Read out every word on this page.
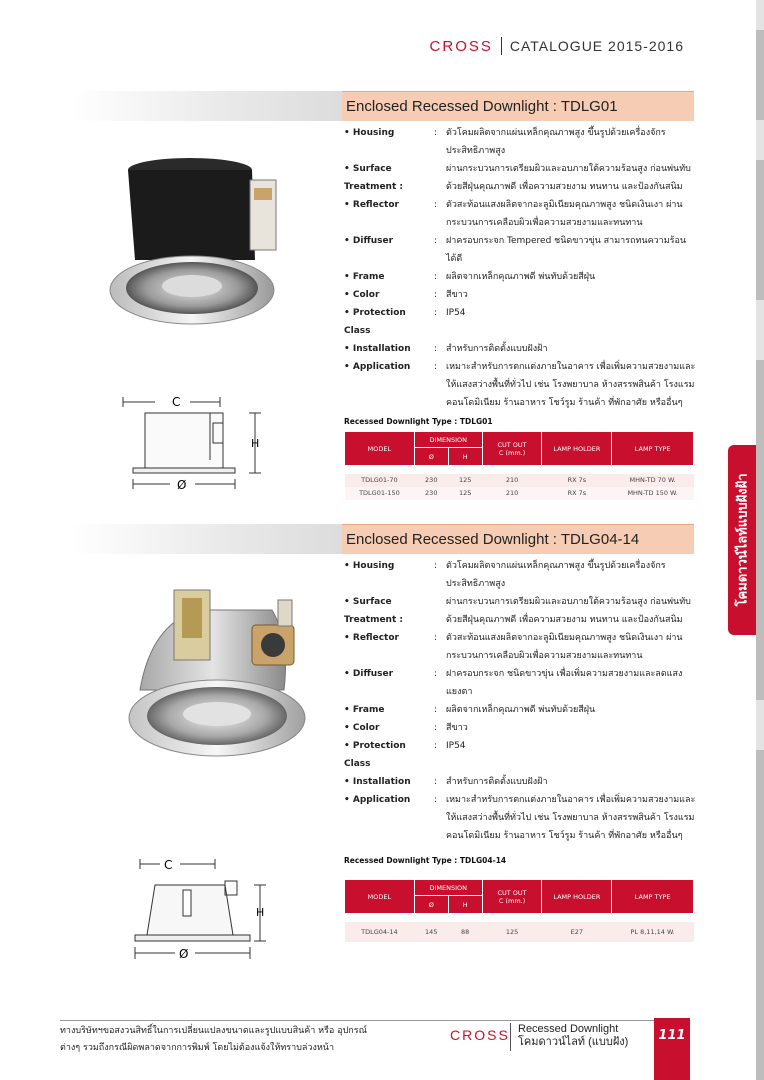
CROSS CATALOGUE 2015-2016
โคมดาวน์ไลท์แบบฝังฝ้า
Enclosed Recessed Downlight : TDLG01
C
H
Ø
• Housing	: ตัวโคมผลิตจากแผ่นเหล็กคุณภาพสูง ขึ้นรูปด้วยเครื่องจักรประสิทธิภาพสูง
• Surface Treatment :
ผ่านกระบวนการเตรียมผิวและอบภายใต้ความร้อนสูง ก่อนพ่นทับด้วยสีฝุ่นคุณภาพดี เพื่อความสวยงาม ทนทาน และป้องกันสนิม
• Reflector	: ตัวสะท้อนแสงผลิตจากอะลูมิเนียมคุณภาพสูง ชนิดเงินเงา ผ่านกระบวนการเคลือบผิวเพื่อความสวยงามและทนทาน
• Diffuser	: ฝาครอบกระจก Tempered ชนิดขาวขุ่น สามารถทนความร้อนได้ดี
• Frame	: ผลิตจากเหล็กคุณภาพดี พ่นทับด้วยสีฝุ่น
• Color	: สีขาว
• Protection Class
: IP54
• Installation	: สำหรับการติดตั้งแบบฝังฝ้า
• Application	: เหมาะสำหรับการตกแต่งภายในอาคาร เพื่อเพิ่มความสวยงามและให้แสงสว่างพื้นที่ทั่วไป เช่น โรงพยาบาล ห้างสรรพสินค้า โรงแรม คอนโดมิเนียม ร้านอาหาร โชว์รูม ร้านค้า ที่พักอาศัย หรืออื่นๆ
Recessed Downlight Type : TDLG01
MODEL	DIMENSION		CUT OUT
C (mm.)	LAMP HOLDER	LAMP TYPE
	Ø	H			

TDLG01-70	230	125	210	RX 7s	MHN-TD 70 W.
TDLG01-150	230	125	210	RX 7s	MHN-TD 150 W.
Enclosed Recessed Downlight : TDLG04-14
C
H
Ø
• Housing	: ตัวโคมผลิตจากแผ่นเหล็กคุณภาพสูง ขึ้นรูปด้วยเครื่องจักรประสิทธิภาพสูง
• Surface Treatment :
ผ่านกระบวนการเตรียมผิวและอบภายใต้ความร้อนสูง ก่อนพ่นทับด้วยสีฝุ่นคุณภาพดี เพื่อความสวยงาม ทนทาน และป้องกันสนิม
• Reflector	: ตัวสะท้อนแสงผลิตจากอะลูมิเนียมคุณภาพสูง ชนิดเงินเงา ผ่านกระบวนการเคลือบผิวเพื่อความสวยงามและทนทาน
• Diffuser	: ฝาครอบกระจก ชนิดขาวขุ่น เพื่อเพิ่มความสวยงามและลดแสงแยงตา
• Frame	: ผลิตจากเหล็กคุณภาพดี พ่นทับด้วยสีฝุ่น
• Color	: สีขาว
• Protection Class
: IP54
• Installation	: สำหรับการติดตั้งแบบฝังฝ้า
• Application	: เหมาะสำหรับการตกแต่งภายในอาคาร เพื่อเพิ่มความสวยงามและให้แสงสว่างพื้นที่ทั่วไป เช่น โรงพยาบาล ห้างสรรพสินค้า โรงแรม คอนโดมิเนียม ร้านอาหาร โชว์รูม ร้านค้า ที่พักอาศัย หรืออื่นๆ
Recessed Downlight Type : TDLG04-14
MODEL	DIMENSION		CUT OUT
C (mm.)	LAMP HOLDER	LAMP TYPE
	Ø	H			

TDLG04-14	145	88	125	E27	PL 8,11,14 W.
ทางบริษัทฯขอสงวนสิทธิ์ในการเปลี่ยนแปลงขนาดและรูปแบบสินค้า หรือ อุปกรณ์
ต่างๆ รวมถึงกรณีผิดพลาดจากการพิมพ์ โดยไม่ต้องแจ้งให้ทราบล่วงหน้า
CROSS Recessed Downlight
โคมดาวน์ไลท์ (แบบฝัง)	111
